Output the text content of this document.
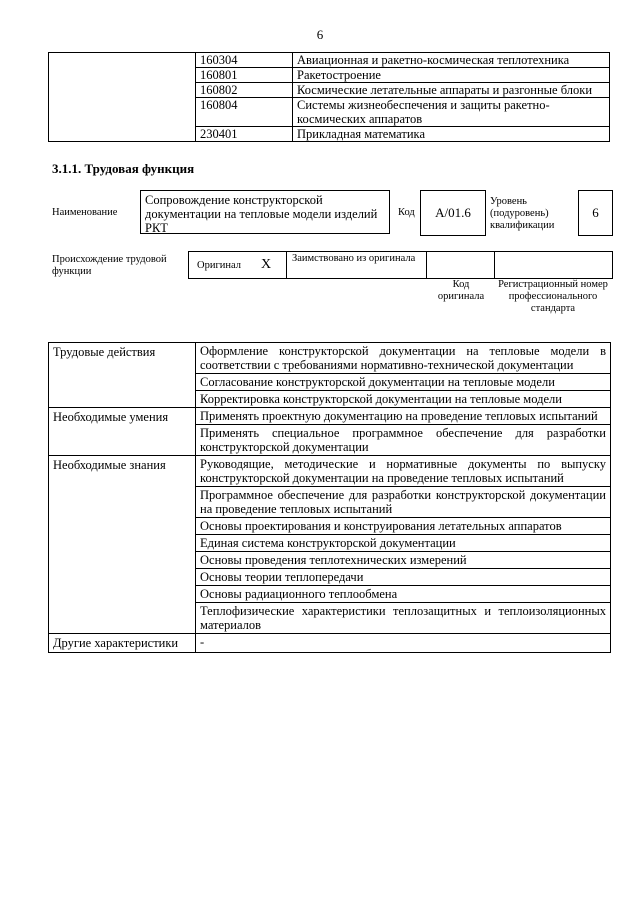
6
	160304	Авиационная и ракетно-космическая теплотехника
	160801	Ракетостроение
	160802	Космические летательные аппараты и разгонные блоки
	160804	Системы жизнеобеспечения и защиты ракетно-космических аппаратов
	230401	Прикладная математика
3.1.1. Трудовая функция
Наименование
Сопровождение конструкторской документации на тепловые модели изделий РКТ
Код	А/01.6
Уровень (подуровень) квалификации
6
Происхождение трудовой функции
Оригинал X Заимствовано из оригинала
Код оригинала
Регистрационный номер профессионального стандарта
Трудовые действия	Оформление конструкторской документации на тепловые модели в соответствии с требованиями нормативно-технической документации
	Согласование конструкторской документации на тепловые модели
	Корректировка конструкторской документации на тепловые модели
Необходимые умения	Применять проектную документацию на проведение тепловых испытаний
	Применять специальное программное обеспечение для разработки конструкторской документации
Необходимые знания	Руководящие, методические и нормативные документы по выпуску конструкторской документации на проведение тепловых испытаний
	Программное обеспечение для разработки конструкторской документации на проведение тепловых испытаний
	Основы проектирования и конструирования летательных аппаратов
	Единая система конструкторской документации
	Основы проведения теплотехнических измерений
	Основы теории теплопередачи
	Основы радиационного теплообмена
	Теплофизические характеристики теплозащитных и теплоизоляционных материалов
Другие характеристики	-
